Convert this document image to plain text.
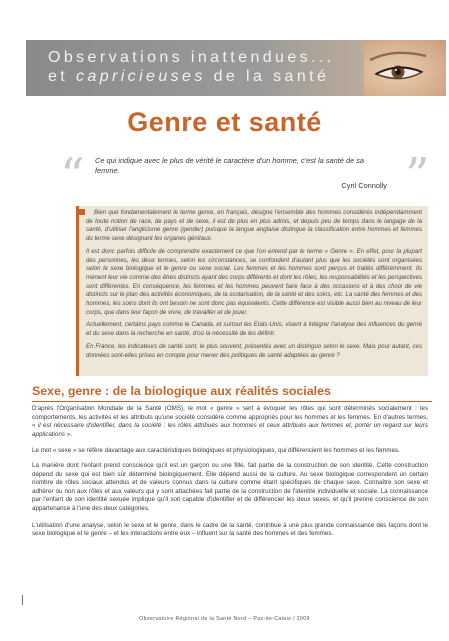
Observations inattendues...
et capricieuses de la santé
Genre et santé
“	”
Ce qui indique avec le plus de vérité le caractère d'un homme, c'est la santé de sa femme.
Cyril Connolly

Bien que fondamentalement le terme genre, en français, désigne l'ensemble des hommes considérés indépendamment de toute notion de race, de pays et de sexe, il est de plus en plus admis, et depuis peu de temps dans le langage de la santé, d'utiliser l'anglicisme genre (gender) puisque la langue anglaise distingue la classification entre hommes et femmes du terme sexe désignant les organes génitaux.

Il est donc parfois difficile de comprendre exactement ce que l'on entend par le terme « Genre ». En effet, pour la plupart des personnes, les deux termes, selon les circonstances, se confondent d'autant plus que les sociétés sont organisées selon le sexe biologique et le genre ou sexe social. Les femmes et les hommes sont perçus et traités différemment. Ils mènent leur vie comme des êtres distincts ayant des corps différents et dont les rôles, les responsabilités et les perspectives sont différentes. En conséquence, les femmes et les hommes peuvent faire face à des occasions et à des choix de vie distincts sur le plan des activités économiques, de la scolarisation, de la santé et des soins, etc. La santé des femmes et des hommes, les soins dont ils ont besoin ne sont donc pas équivalents. Cette différence est visible aussi bien au niveau de leur corps, que dans leur façon de vivre, de travailler et de jouer.

Actuellement, certains pays comme le Canada, et surtout les Etats-Unis, visent à intégrer l'analyse des influences du genre et du sexe dans la recherche en santé, d'où la nécessité de les définir.

En France, les indicateurs de santé sont, le plus souvent, présentés avec un distinguo selon le sexe. Mais pour autant, ces données sont-elles prises en compte pour mener des politiques de santé adaptées au genre ?

Sexe, genre : de la biologique aux réalités sociales

D'après l'Organisation Mondiale de la Santé (OMS), le mot « genre » sert à évoquer les rôles qui sont déterminés socialement : les comportements, les activités et les attributs qu'une société considère comme appropriés pour les hommes et les femmes. En d'autres termes, « il est nécessaire d'identifier, dans la société : les rôles attribués aux hommes et ceux attribués aux femmes et, porter un regard sur leurs applications ».

Le mot « sexe » se réfère davantage aux caractéristiques biologiques et physiologiques, qui différencient les hommes et les femmes.

La manière dont l'enfant prend conscience qu'il est un garçon ou une fille, fait partie de la construction de son identité. Cette construction dépend du sexe qui est bien sûr déterminé biologiquement. Elle dépend aussi de la culture. Au sexe biologique correspondent un certain nombre de rôles sociaux attendus et de valeurs connus dans la culture comme étant spécifiques de chaque sexe. Connaître son sexe et adhérer ou non aux rôles et aux valeurs qui y sont attachées fait partie de la construction de l'identité individuelle et sociale. La connaissance par l'enfant de son identité sexuée implique qu'il soit capable d'identifier et de différencier les deux sexes, et qu'il prenne conscience de son appartenance à l'une des deux catégories.

L'utilisation d'une analyse, selon le sexe et le genre, dans le cadre de la santé, contribue à une plus grande connaissance des façons dont le sexe biologique et le genre – et les interactions entre eux – influent sur la santé des hommes et des femmes.

Observatoire Régional de la Santé Nord – Pas-de-Calais / 2009
